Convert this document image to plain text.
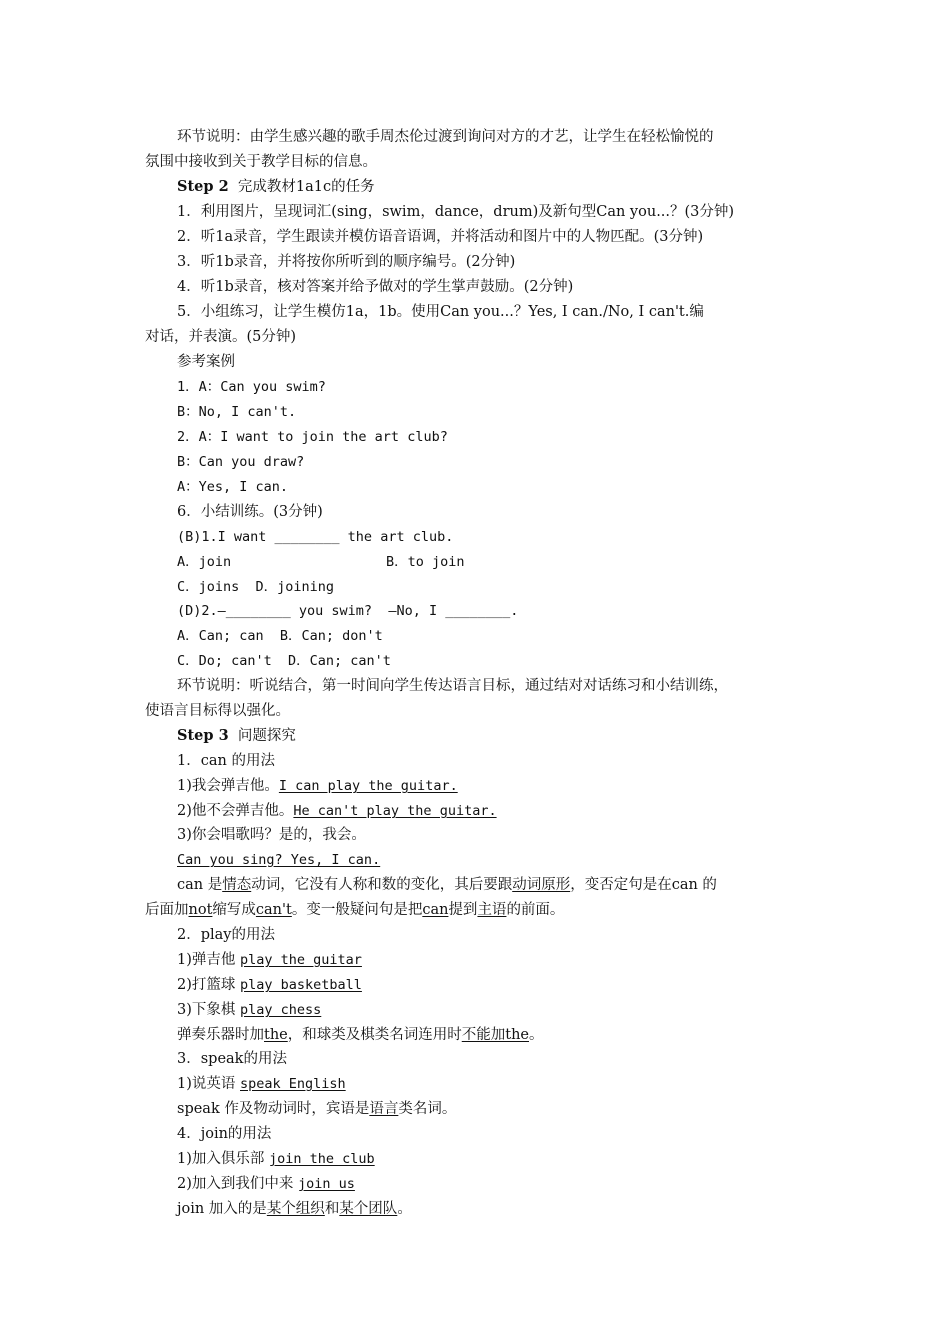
环节说明：由学生感兴趣的歌手周杰伦过渡到询问对方的才艺，让学生在轻松愉悦的
氛围中接收到关于教学目标的信息。
Step 2 完成教材1a1c的任务
1．利用图片，呈现词汇(sing，swim，dance，drum)及新句型Can you...？(3分钟)
2．听1a录音，学生跟读并模仿语音语调，并将活动和图片中的人物匹配。(3分钟)
3．听1b录音，并将按你所听到的顺序编号。(2分钟)
4．听1b录音，核对答案并给予做对的学生掌声鼓励。(2分钟)
5．小组练习，让学生模仿1a，1b。使用Can you...？Yes, I can./No, I can't.编
对话，并表演。(5分钟)
参考案例
1．A：Can you swim?
B：No, I can't.
2．A：I want to join the art club?
B：Can you draw?
A：Yes, I can.
6．小结训练。(3分钟)
(B)1.I want ________ the art club.
A．join	B．to join
C．joins  D．joining
(D)2.—________ you swim?  —No, I ________.
A．Can; can  B．Can; don't
C．Do; can't  D．Can; can't
环节说明：听说结合，第一时间向学生传达语言目标，通过结对对话练习和小结训练，
使语言目标得以强化。
Step 3 问题探究
1．can 的用法
1)我会弹吉他。I can play the guitar.
2)他不会弹吉他。He can't play the guitar.
3)你会唱歌吗？是的，我会。
Can you sing? Yes, I can.
can 是情态动词，它没有人称和数的变化，其后要跟动词原形，变否定句是在can 的
后面加not缩写成can't。变一般疑问句是把can提到主语的前面。
2．play的用法
1)弹吉他 play the guitar
2)打篮球 play basketball
3)下象棋 play chess
弹奏乐器时加the，和球类及棋类名词连用时不能加the。
3．speak的用法
1)说英语 speak English
speak 作及物动词时，宾语是语言类名词。
4．join的用法
1)加入俱乐部 join the club
2)加入到我们中来 join us
join 加入的是某个组织和某个团队。
